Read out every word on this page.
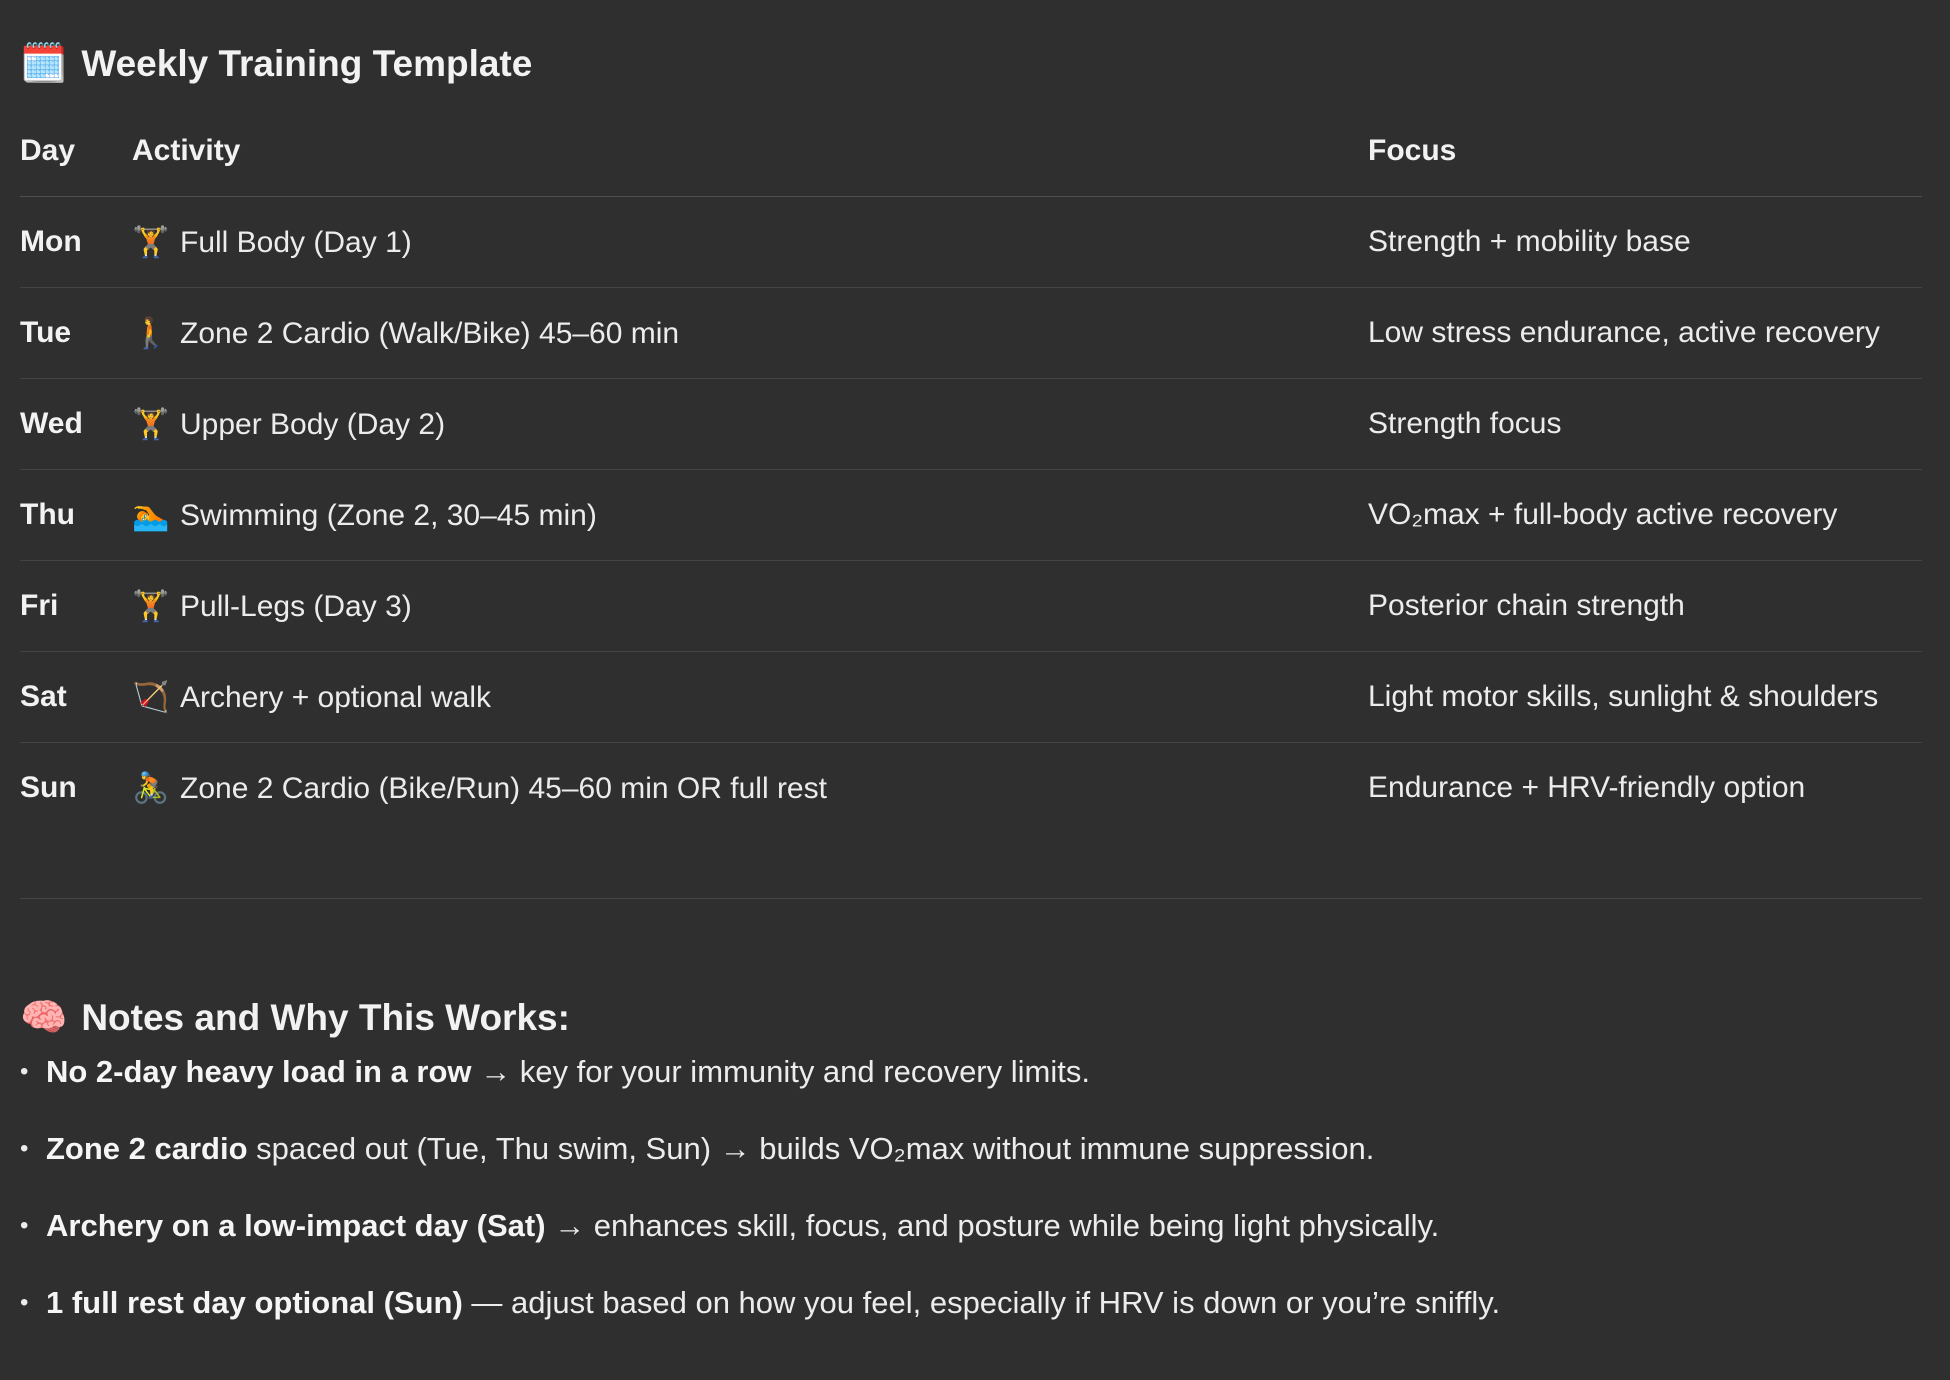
🗓️ Weekly Training Template
Day	Activity	Focus
Mon	🏋️ Full Body (Day 1)	Strength + mobility base
Tue	🚶 Zone 2 Cardio (Walk/Bike) 45–60 min	Low stress endurance, active recovery
Wed	🏋️ Upper Body (Day 2)	Strength focus
Thu	🏊 Swimming (Zone 2, 30–45 min)	VO₂max + full-body active recovery
Fri	🏋️ Pull-Legs (Day 3)	Posterior chain strength
Sat	🏹 Archery + optional walk	Light motor skills, sunlight & shoulders
Sun	🚴 Zone 2 Cardio (Bike/Run) 45–60 min OR full rest	Endurance + HRV-friendly option
🧠 Notes and Why This Works:
• No 2-day heavy load in a row → key for your immunity and recovery limits.
• Zone 2 cardio spaced out (Tue, Thu swim, Sun) → builds VO₂max without immune suppression.
• Archery on a low-impact day (Sat) → enhances skill, focus, and posture while being light physically.
• 1 full rest day optional (Sun) — adjust based on how you feel, especially if HRV is down or you’re sniffly.
